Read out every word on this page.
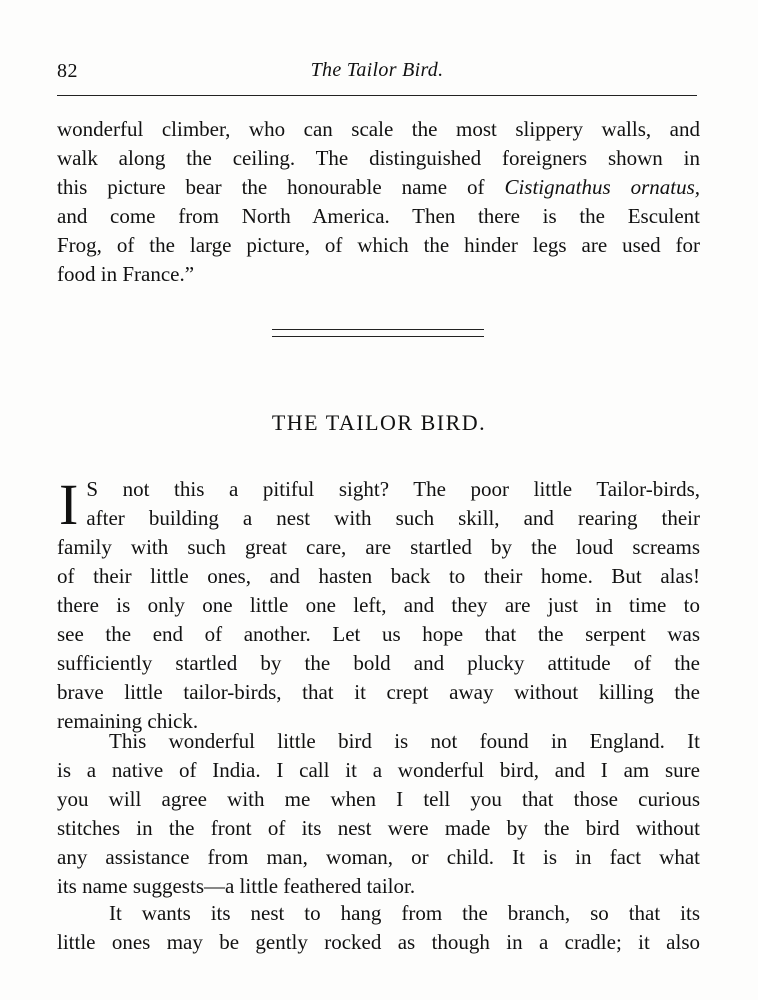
82	The Tailor Bird.
wonderful climber, who can scale the most slippery walls, and
walk along the ceiling. The distinguished foreigners shown in
this picture bear the honourable name of Cistignathus ornatus,
and come from North America. Then there is the Esculent
Frog, of the large picture, of which the hinder legs are used for
food in France.”
THE TAILOR BIRD.
I S not this a pitiful sight? The poor little Tailor-birds,
after building a nest with such skill, and rearing their
family with such great care, are startled by the loud screams
of their little ones, and hasten back to their home. But alas!
there is only one little one left, and they are just in time to
see the end of another. Let us hope that the serpent was
sufficiently startled by the bold and plucky attitude of the
brave little tailor-birds, that it crept away without killing the
remaining chick.
This wonderful little bird is not found in England. It
is a native of India. I call it a wonderful bird, and I am sure
you will agree with me when I tell you that those curious
stitches in the front of its nest were made by the bird without
any assistance from man, woman, or child. It is in fact what
its name suggests—a little feathered tailor.
It wants its nest to hang from the branch, so that its
little ones may be gently rocked as though in a cradle; it also
